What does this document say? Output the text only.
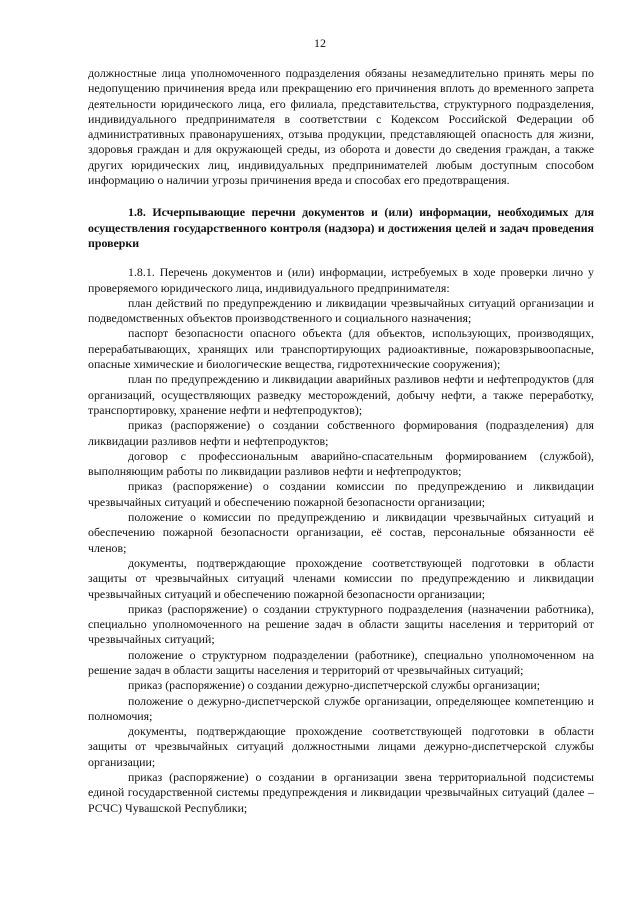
12

должностные лица уполномоченного подразделения обязаны незамедлительно принять меры по недопущению причинения вреда или прекращению его причинения вплоть до временного запрета деятельности юридического лица, его филиала, представительства, структурного подразделения, индивидуального предпринимателя в соответствии с Кодексом Российской Федерации об административных правонарушениях, отзыва продукции, представляющей опасность для жизни, здоровья граждан и для окружающей среды, из оборота и довести до сведения граждан, а также других юридических лиц, индивидуальных предпринимателей любым доступным способом информацию о наличии угрозы причинения вреда и способах его предотвращения.

1.8. Исчерпывающие перечни документов и (или) информации, необходимых для осуществления государственного контроля (надзора) и достижения целей и задач проведения проверки

1.8.1. Перечень документов и (или) информации, истребуемых в ходе проверки лично у проверяемого юридического лица, индивидуального предпринимателя:

план действий по предупреждению и ликвидации чрезвычайных ситуаций организации и подведомственных объектов производственного и социального назначения;

паспорт безопасности опасного объекта (для объектов, использующих, производящих, перерабатывающих, хранящих или транспортирующих радиоактивные, пожаровзрывоопасные, опасные химические и биологические вещества, гидротехнические сооружения);

план по предупреждению и ликвидации аварийных разливов нефти и нефтепродуктов (для организаций, осуществляющих разведку месторождений, добычу нефти, а также переработку, транспортировку, хранение нефти и нефтепродуктов);

приказ (распоряжение) о создании собственного формирования (подразделения) для ликвидации разливов нефти и нефтепродуктов;

договор с профессиональным аварийно-спасательным формированием (службой), выполняющим работы по ликвидации разливов нефти и нефтепродуктов;

приказ (распоряжение) о создании комиссии по предупреждению и ликвидации чрезвычайных ситуаций и обеспечению пожарной безопасности организации;

положение о комиссии по предупреждению и ликвидации чрезвычайных ситуаций и обеспечению пожарной безопасности организации, её состав, персональные обязанности её членов;

документы, подтверждающие прохождение соответствующей подготовки в области защиты от чрезвычайных ситуаций членами комиссии по предупреждению и ликвидации чрезвычайных ситуаций и обеспечению пожарной безопасности организации;

приказ (распоряжение) о создании структурного подразделения (назначении работника), специально уполномоченного на решение задач в области защиты населения и территорий от чрезвычайных ситуаций;

положение о структурном подразделении (работнике), специально уполномоченном на решение задач в области защиты населения и территорий от чрезвычайных ситуаций;

приказ (распоряжение) о создании дежурно-диспетчерской службы организации;

положение о дежурно-диспетчерской службе организации, определяющее компетенцию и полномочия;

документы, подтверждающие прохождение соответствующей подготовки в области защиты от чрезвычайных ситуаций должностными лицами дежурно-диспетчерской службы организации;

приказ (распоряжение) о создании в организации звена территориальной подсистемы единой государственной системы предупреждения и ликвидации чрезвычайных ситуаций (далее – РСЧС) Чувашской Республики;
